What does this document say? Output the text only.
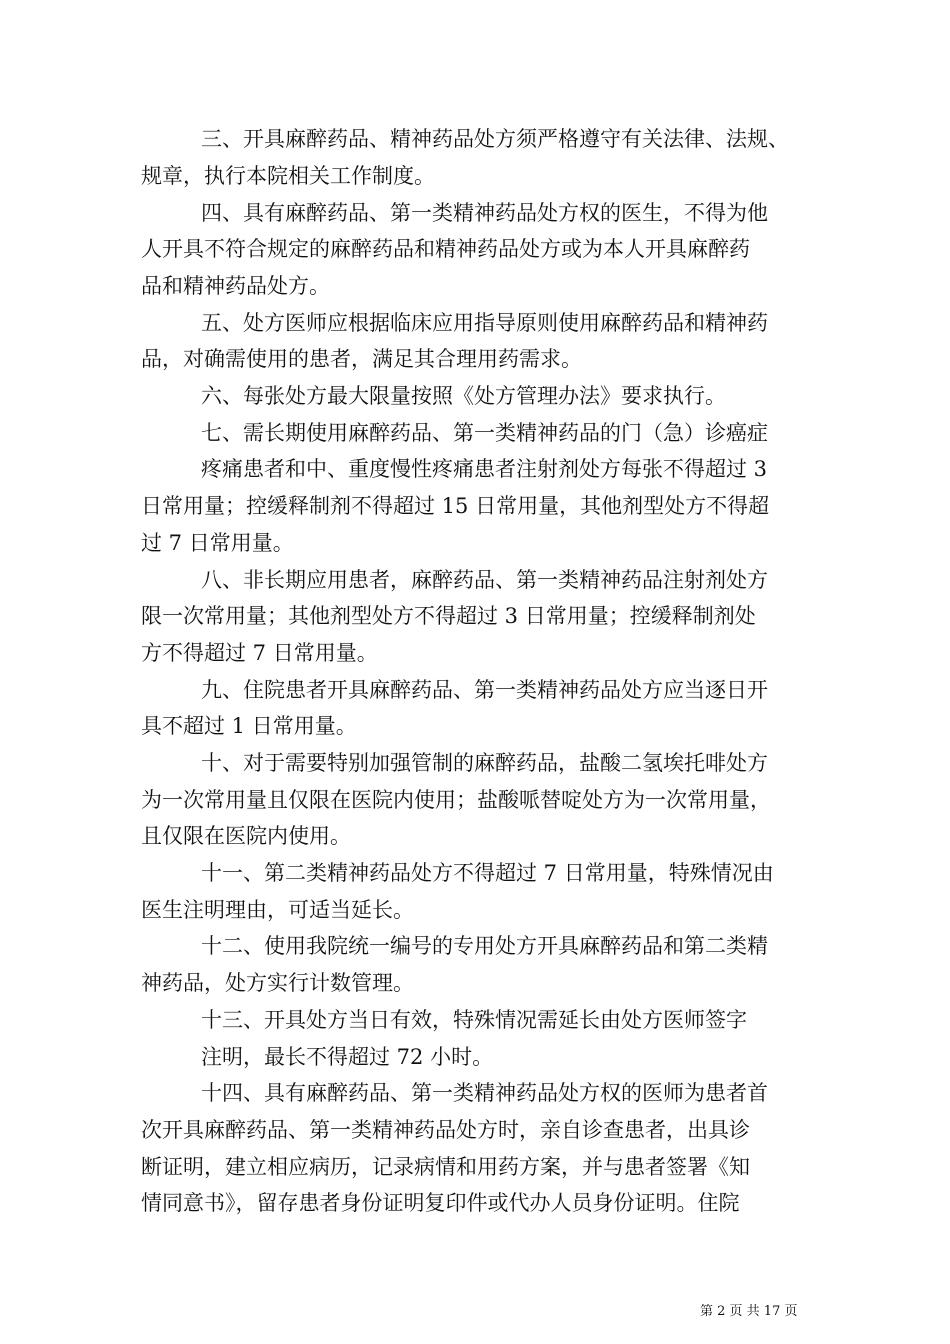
三、开具麻醉药品、精神药品处方须严格遵守有关法律、法规、
规章，执行本院相关工作制度。
四、具有麻醉药品、第一类精神药品处方权的医生，不得为他
人开具不符合规定的麻醉药品和精神药品处方或为本人开具麻醉药
品和精神药品处方。
五、处方医师应根据临床应用指导原则使用麻醉药品和精神药
品，对确需使用的患者，满足其合理用药需求。
六、每张处方最大限量按照《处方管理办法》要求执行。
七、需长期使用麻醉药品、第一类精神药品的门（急）诊癌症
疼痛患者和中、重度慢性疼痛患者注射剂处方每张不得超过 3
日常用量；控缓释制剂不得超过 15 日常用量，其他剂型处方不得超
过 7 日常用量。
八、非长期应用患者，麻醉药品、第一类精神药品注射剂处方
限一次常用量；其他剂型处方不得超过 3 日常用量；控缓释制剂处
方不得超过 7 日常用量。
九、住院患者开具麻醉药品、第一类精神药品处方应当逐日开
具不超过 1 日常用量。
十、对于需要特别加强管制的麻醉药品，盐酸二氢埃托啡处方
为一次常用量且仅限在医院内使用；盐酸哌替啶处方为一次常用量，
且仅限在医院内使用。
十一、第二类精神药品处方不得超过 7 日常用量，特殊情况由
医生注明理由，可适当延长。
十二、使用我院统一编号的专用处方开具麻醉药品和第二类精
神药品，处方实行计数管理。
十三、开具处方当日有效，特殊情况需延长由处方医师签字
注明，最长不得超过 72 小时。
十四、具有麻醉药品、第一类精神药品处方权的医师为患者首
次开具麻醉药品、第一类精神药品处方时，亲自诊查患者，出具诊
断证明，建立相应病历，记录病情和用药方案，并与患者签署《知
情同意书》，留存患者身份证明复印件或代办人员身份证明。住院
第 2 页 共 17 页
